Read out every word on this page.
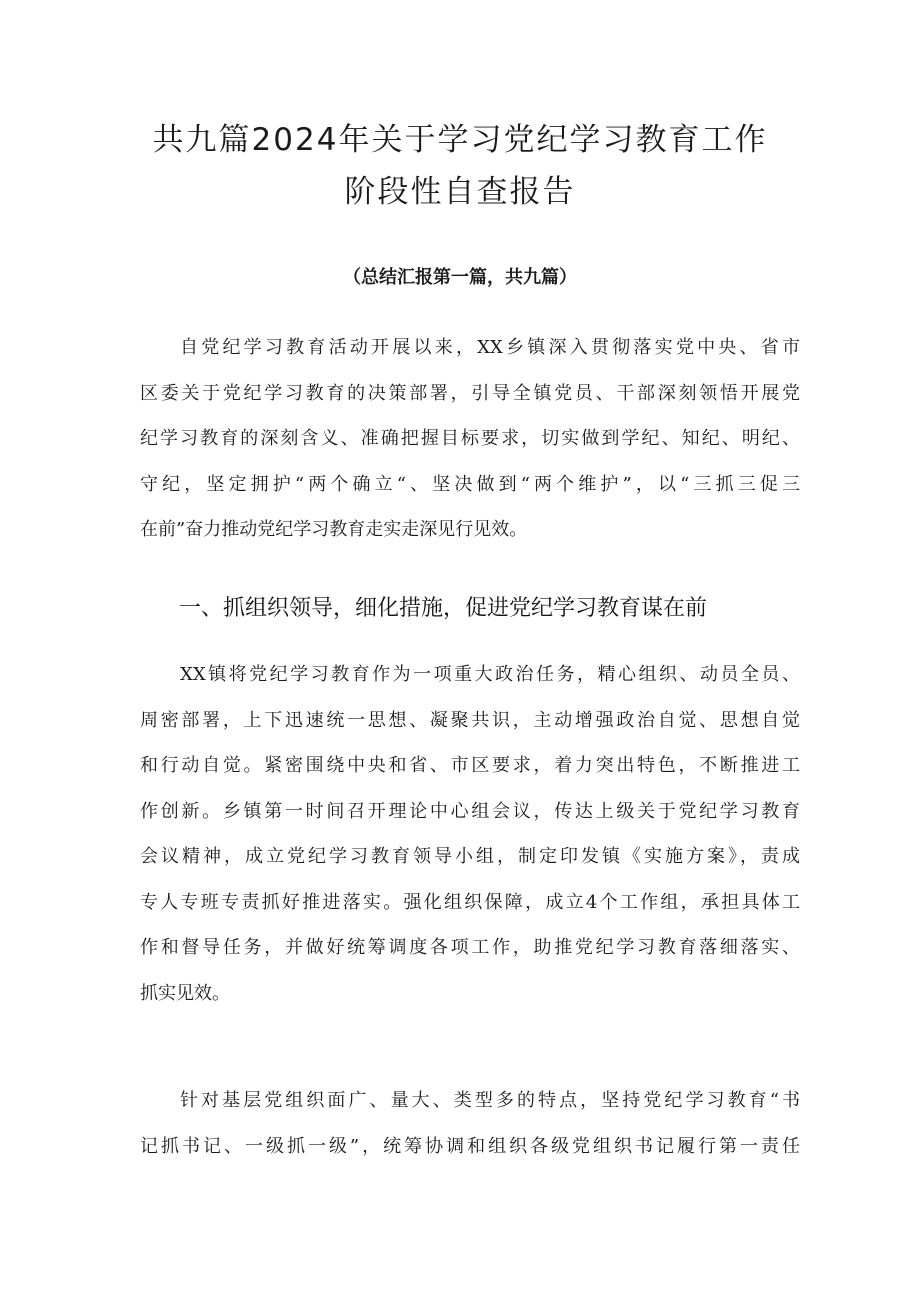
共九篇2024年关于学习党纪学习教育工作
阶段性自查报告
（总结汇报第一篇，共九篇）
自党纪学习教育活动开展以来，XX乡镇深入贯彻落实党中央、省市
区委关于党纪学习教育的决策部署，引导全镇党员、干部深刻领悟开展党
纪学习教育的深刻含义、准确把握目标要求，切实做到学纪、知纪、明纪、
守纪，坚定拥护“两个确立“、坚决做到“两个维护”，以“三抓三促三
在前”奋力推动党纪学习教育走实走深见行见效。
一、抓组织领导，细化措施，促进党纪学习教育谋在前
XX镇将党纪学习教育作为一项重大政治任务，精心组织、动员全员、
周密部署，上下迅速统一思想、凝聚共识，主动增强政治自觉、思想自觉
和行动自觉。紧密围绕中央和省、市区要求，着力突出特色，不断推进工
作创新。乡镇第一时间召开理论中心组会议，传达上级关于党纪学习教育
会议精神，成立党纪学习教育领导小组，制定印发镇《实施方案》，责成
专人专班专责抓好推进落实。强化组织保障，成立4个工作组，承担具体工
作和督导任务，并做好统筹调度各项工作，助推党纪学习教育落细落实、
抓实见效。
针对基层党组织面广、量大、类型多的特点，坚持党纪学习教育“书
记抓书记、一级抓一级”，统筹协调和组织各级党组织书记履行第一责任
